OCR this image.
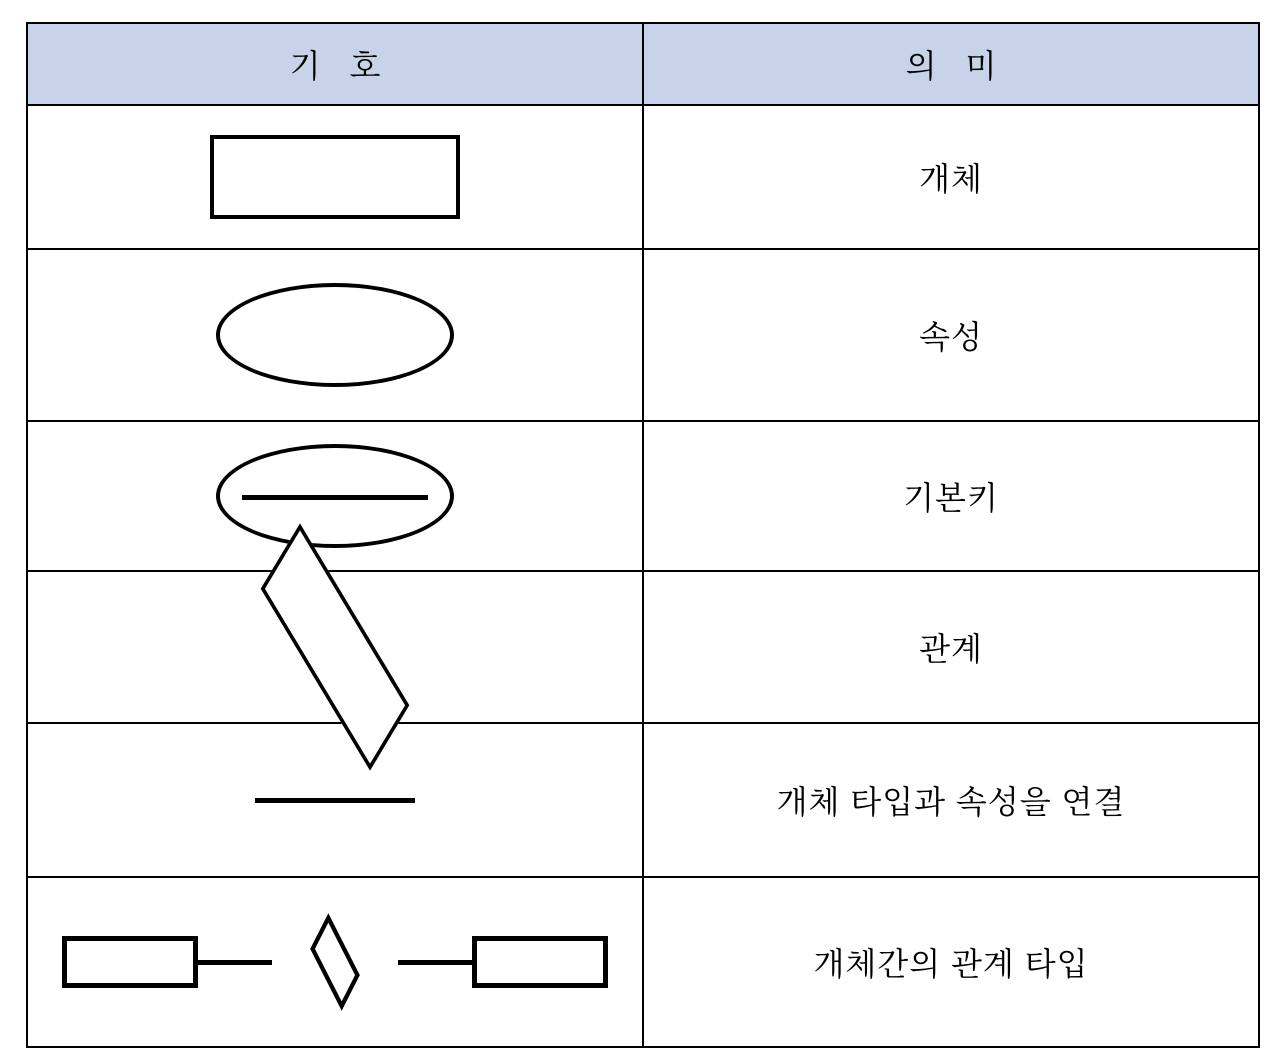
기 호	의 미

	개체

	속성

	기본키

	관계

	개체 타입과 속성을 연결

	개체간의 관계 타입
